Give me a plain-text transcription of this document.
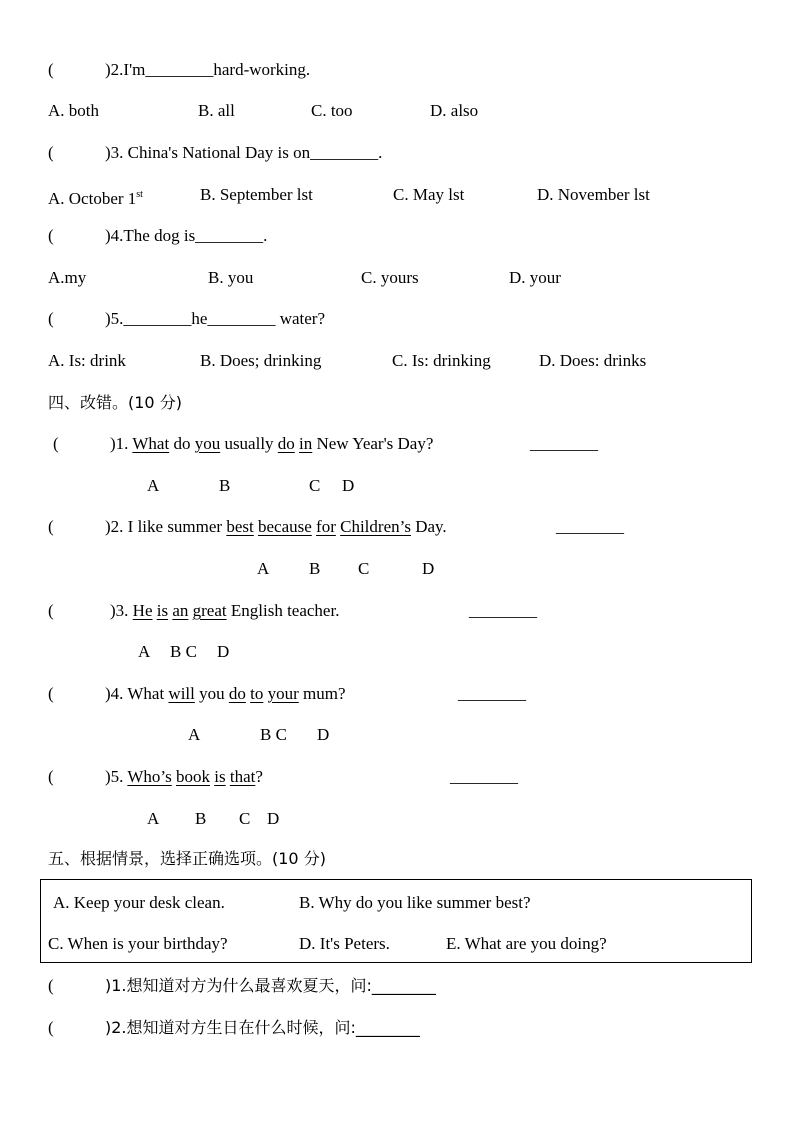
(	)2.I'm________hard-working.
A. both	B. all	C. too	D. also
(	)3. China's National Day is on________.
A. October 1st	B. September lst	C. May lst	D. November lst
(	)4.The dog is________.
A.my	B. you	C. yours	D. your
(	)5.________he________ water?
A. Is: drink	B. Does; drinking	C. Is: drinking	D. Does: drinks
四、改错。(10 分)
(	)1. What do you usually do in New Year's Day?	________
A	B	C D
(	)2. I like summer best because for Children’s Day.	________
A B C	D
(	)3. He is an great English teacher.	________
A B C D
(	)4. What will you do to your mum?	________
A	B C D
(	)5. Who’s book is that?	________
A B C D
五、根据情景，选择正确选项。(10 分)
A. Keep your desk clean.	B. Why do you like summer best?
C. When is your birthday?	D. It's Peters.	E. What are you doing?
(	)1.想知道对方为什么最喜欢夏天，问:________
(	)2.想知道对方生日在什么时候，问:________
